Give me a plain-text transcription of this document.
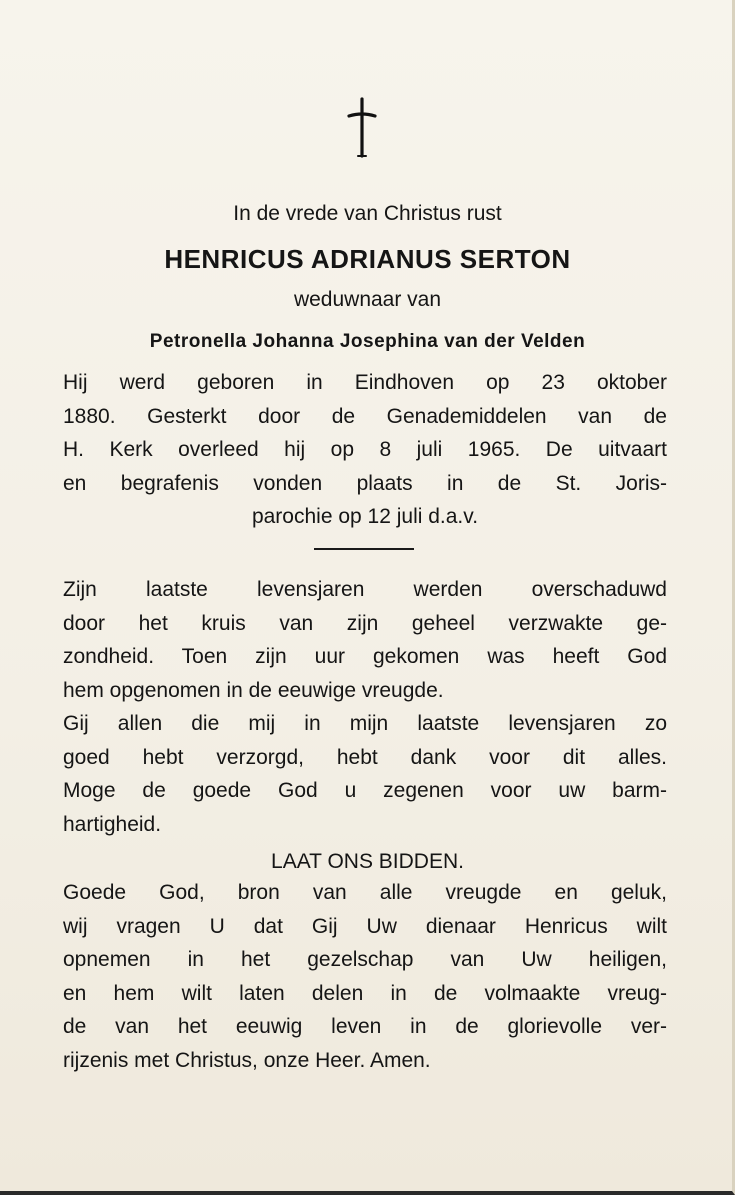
In de vrede van Christus rust
HENRICUS ADRIANUS SERTON
weduwnaar van
Petronella Johanna Josephina van der Velden
Hij werd geboren in Eindhoven op 23 oktober
1880. Gesterkt door de Genademiddelen van de
H. Kerk overleed hij op 8 juli 1965. De uitvaart
en begrafenis vonden plaats in de St. Joris-
parochie op 12 juli d.a.v.
Zijn laatste levensjaren werden overschaduwd
door het kruis van zijn geheel verzwakte ge-
zondheid. Toen zijn uur gekomen was heeft God
hem opgenomen in de eeuwige vreugde.
Gij allen die mij in mijn laatste levensjaren zo
goed hebt verzorgd, hebt dank voor dit alles.
Moge de goede God u zegenen voor uw barm-
hartigheid.
LAAT ONS BIDDEN.
Goede God, bron van alle vreugde en geluk,
wij vragen U dat Gij Uw dienaar Henricus wilt
opnemen in het gezelschap van Uw heiligen,
en hem wilt laten delen in de volmaakte vreug-
de van het eeuwig leven in de glorievolle ver-
rijzenis met Christus, onze Heer. Amen.
